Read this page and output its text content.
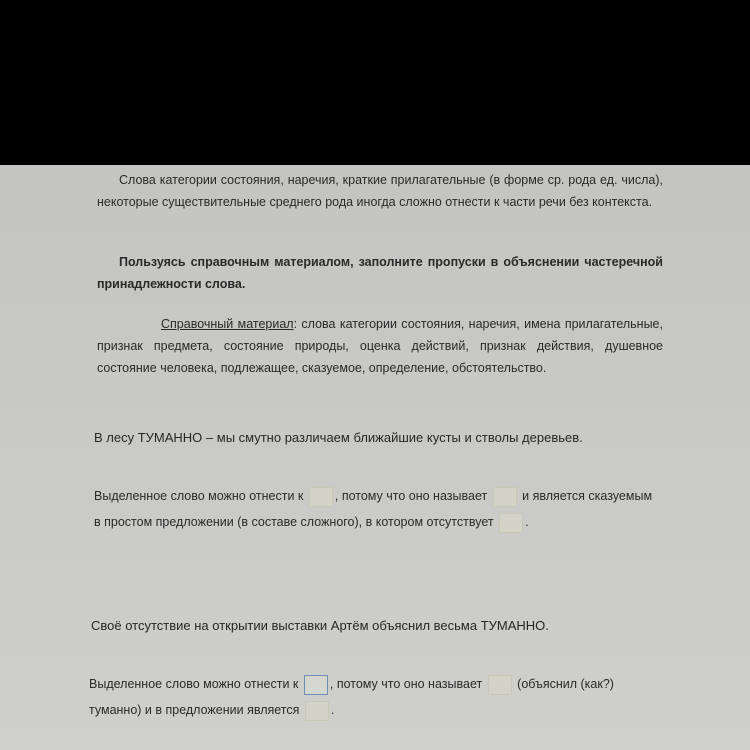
Слова категории состояния, наречия, краткие прилагательные (в форме ср. рода ед. числа), некоторые существительные среднего рода иногда сложно отнести к части речи без контекста.
Пользуясь справочным материалом, заполните пропуски в объяснении частеречной принадлежности слова.
Справочный материал: слова категории состояния, наречия, имена прилагательные, признак предмета, состояние природы, оценка действий, признак действия, душевное состояние человека, подлежащее, сказуемое, определение, обстоятельство.
В лесу ТУМАННО – мы смутно различаем ближайшие кусты и стволы деревьев.
Выделенное слово можно отнести к , потому что оно называет  и является сказуемым в простом предложении (в составе сложного), в котором отсутствует .
Своё отсутствие на открытии выставки Артём объяснил весьма ТУМАННО.
Выделенное слово можно отнести к , потому что оно называет  (объяснил (как?) туманно) и в предложении является .
